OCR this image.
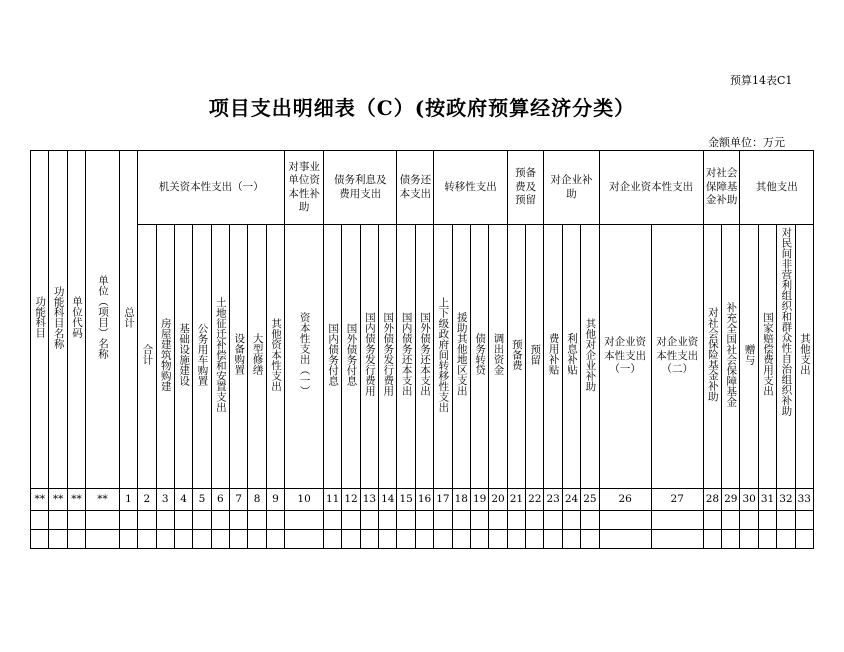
预算14表C1
项目支出明细表（C）(按政府预算经济分类）
金额单位：万元
功能科目	功能科目名称	单位代码	单位（项目）名称	总计	机关资本性支出（一）								对事业单位资本性补助	债务利息及费用支出				债务还本支出		转移性支出				预备费及预留		对企业补助			对企业资本性支出		对社会保障基金补助		其他支出			
					合计	房屋建筑物购建	基础设施建设	公务用车购置	土地征迁补偿和安置支出	设备购置	大型修缮	其他资本性支出	资本性支出（一）	国内债务付息	国外债务付息	国内债务发行费用	国外债务发行费用	国内债务还本支出	国外债务还本支出	上下级政府间转移性支出	援助其他地区支出	债务转贷	调出资金	预备费	预留	费用补贴	利息补贴	其他对企业补助	对企业资本性支出（一）	对企业资本性支出（二）	对社会保险基金补助	补充全国社会保障基金	赠与	国家赔偿费用支出	对民间非营利组织和群众性自治组织补助	其他支出
**	**	**	**	1	2	3	4	5	6	7	8	9	10	11	12	13	14	15	16	17	18	19	20	21	22	23	24	25	26	27	28	29	30	31	32	33
